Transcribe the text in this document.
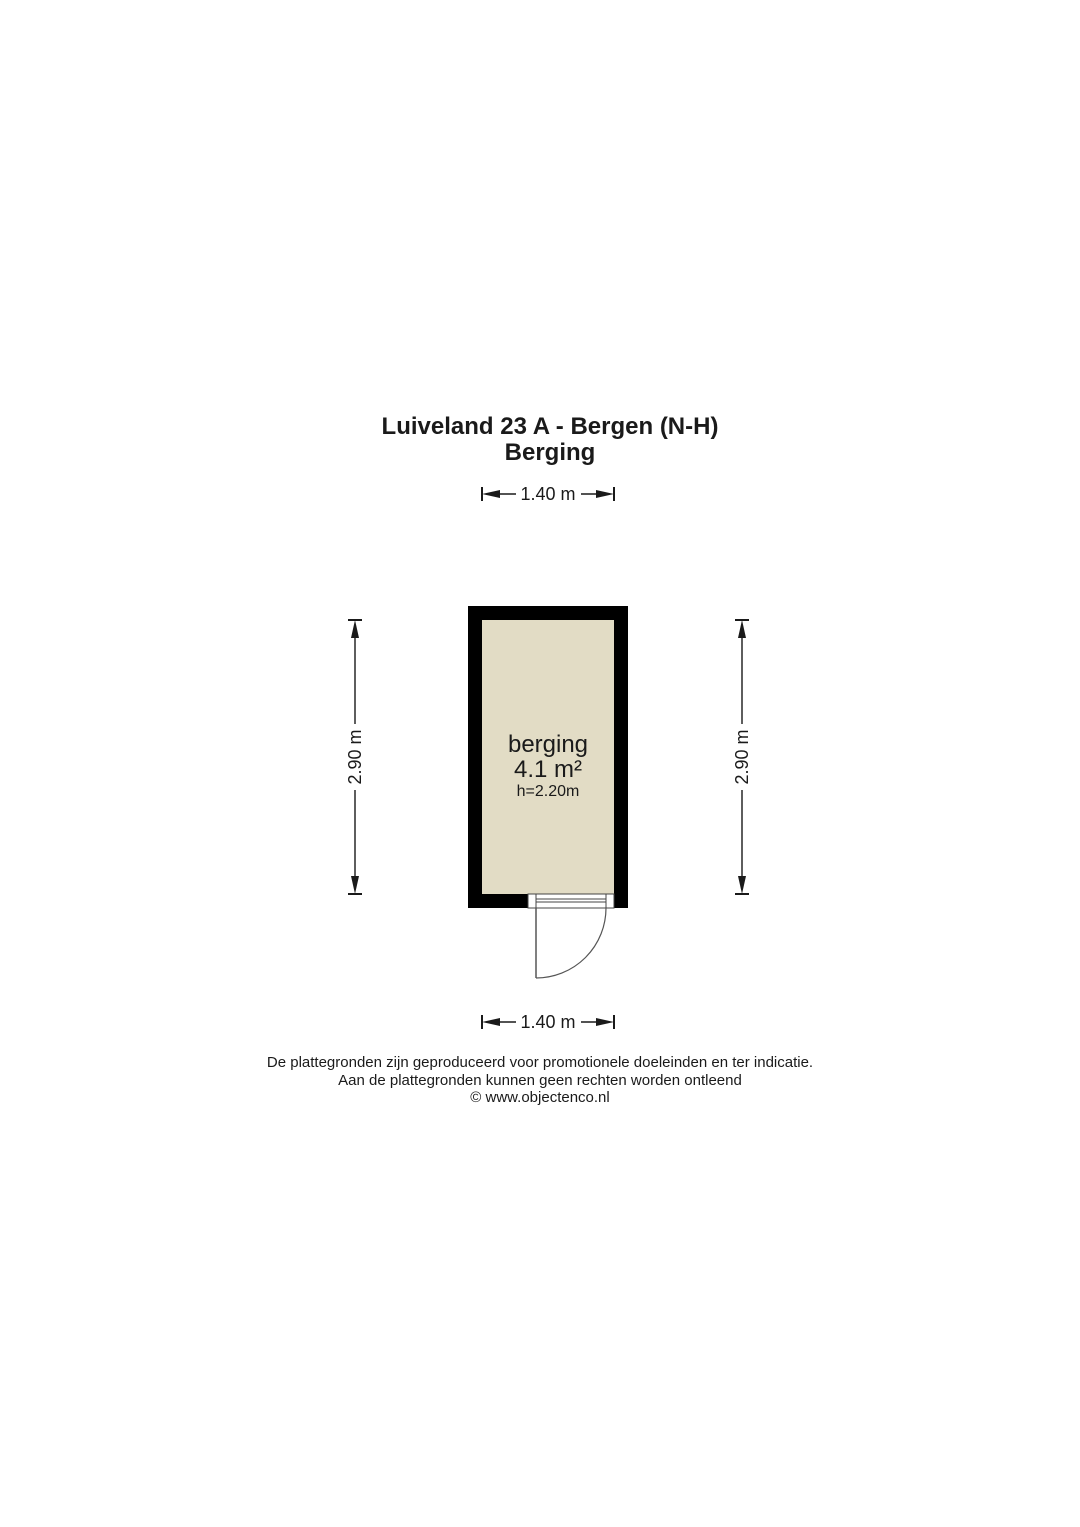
Luiveland 23 A - Bergen (N-H)
Berging
1.40 m
1.40 m
2.90 m	2.90 m
berging
4.1 m²
h=2.20m
De plattegronden zijn geproduceerd voor promotionele doeleinden en ter indicatie.
Aan de plattegronden kunnen geen rechten worden ontleend
© www.objectenco.nl
